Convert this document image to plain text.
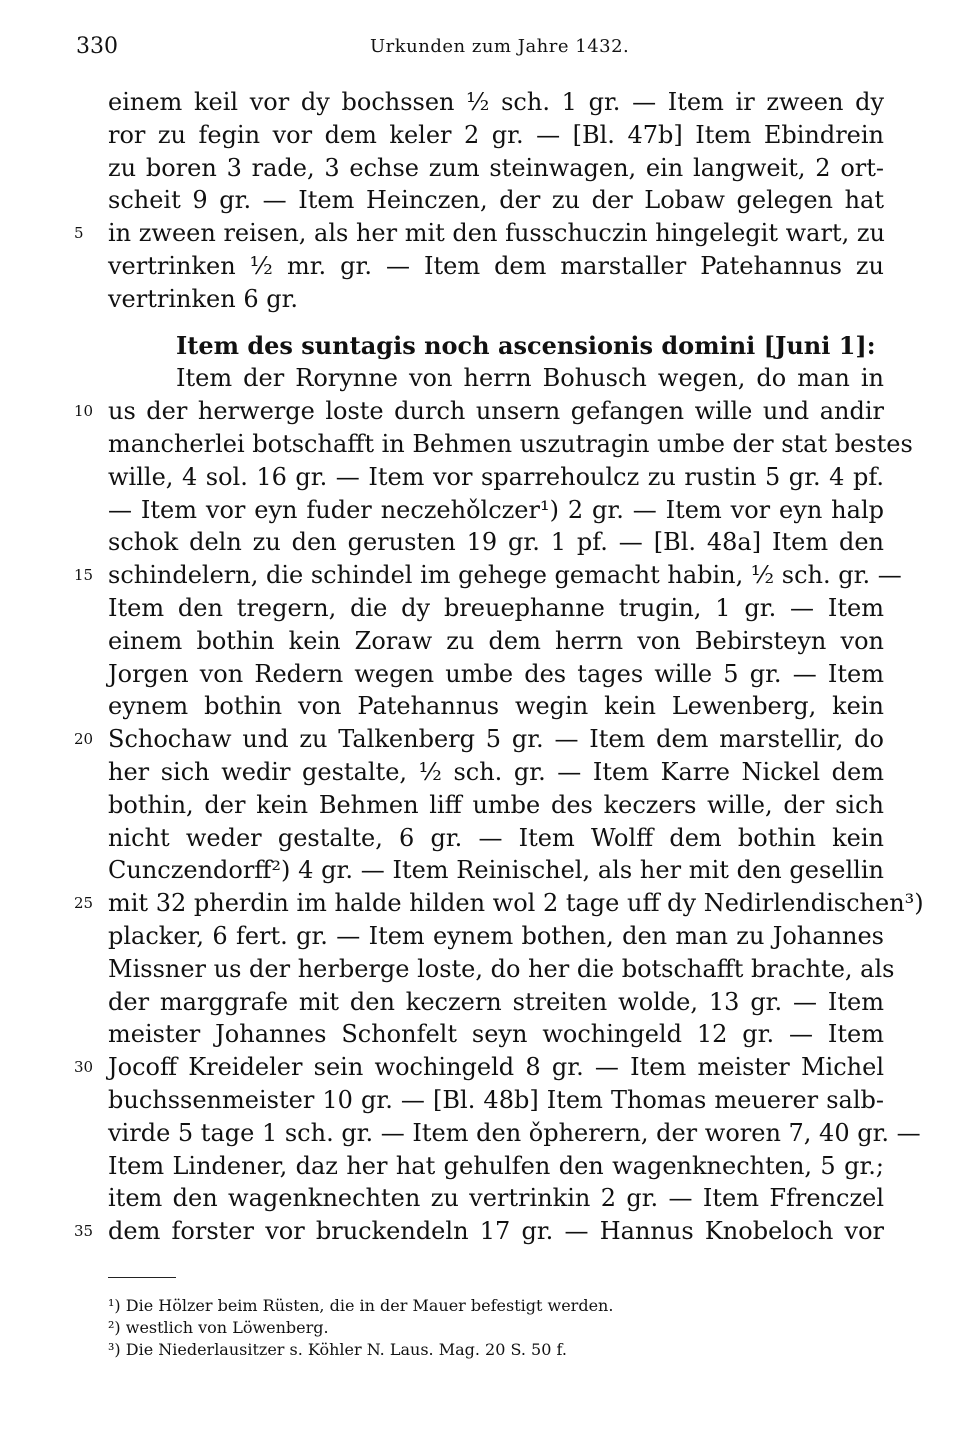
330	Urkunden zum Jahre 1432.
einem keil vor dy bochssen ½ sch. 1 gr. — Item ir zween dy
ror zu fegin vor dem keler 2 gr. — [Bl. 47b] Item Ebindrein
zu boren 3 rade, 3 echse zum steinwagen, ein langweit, 2 ort-
scheit 9 gr. — Item Heinczen, der zu der Lobaw gelegen hat
5	in zween reisen, als her mit den fusschuczin hingelegit wart, zu
vertrinken ½ mr. gr. — Item dem marstaller Patehannus zu
vertrinken 6 gr.
Item des suntagis noch ascensionis domini [Juni 1]:
Item der Rorynne von herrn Bohusch wegen, do man in
10 us der herwerge loste durch unsern gefangen wille und andir
mancherlei botschafft in Behmen uszutragin umbe der stat bestes
wille, 4 sol. 16 gr. — Item vor sparrehoulcz zu rustin 5 gr. 4 pf.
— Item vor eyn fuder neczehǒlczer¹) 2 gr. — Item vor eyn halp
schok deln zu den gerusten 19 gr. 1 pf. — [Bl. 48a] Item den
15 schindelern, die schindel im gehege gemacht habin, ½ sch. gr. —
Item den tregern, die dy breuephanne trugin, 1 gr. — Item
einem bothin kein Zoraw zu dem herrn von Bebirsteyn von
Jorgen von Redern wegen umbe des tages wille 5 gr. — Item
eynem bothin von Patehannus wegin kein Lewenberg, kein
20 Schochaw und zu Talkenberg 5 gr. — Item dem marstellir, do
her sich wedir gestalte, ½ sch. gr. — Item Karre Nickel dem
bothin, der kein Behmen liff umbe des keczers wille, der sich
nicht weder gestalte, 6 gr. — Item Wolff dem bothin kein
Cunczendorff²) 4 gr. — Item Reinischel, als her mit den gesellin
25 mit 32 pherdin im halde hilden wol 2 tage uff dy Nedirlendischen³)
placker, 6 fert. gr. — Item eynem bothen, den man zu Johannes
Missner us der herberge loste, do her die botschafft brachte, als
der marggrafe mit den keczern streiten wolde, 13 gr. — Item
meister Johannes Schonfelt seyn wochingeld 12 gr. — Item
30 Jocoff Kreideler sein wochingeld 8 gr. — Item meister Michel
buchssenmeister 10 gr. — [Bl. 48b] Item Thomas meuerer salb-
virde 5 tage 1 sch. gr. — Item den ǒpherern, der woren 7, 40 gr. —
Item Lindener, daz her hat gehulfen den wagenknechten, 5 gr.;
item den wagenknechten zu vertrinkin 2 gr. — Item Ffrenczel
35 dem forster vor bruckendeln 17 gr. — Hannus Knobeloch vor
¹) Die Hölzer beim Rüsten, die in der Mauer befestigt werden.
²) westlich von Löwenberg.
³) Die Niederlausitzer s. Köhler N. Laus. Mag. 20 S. 50 f.
